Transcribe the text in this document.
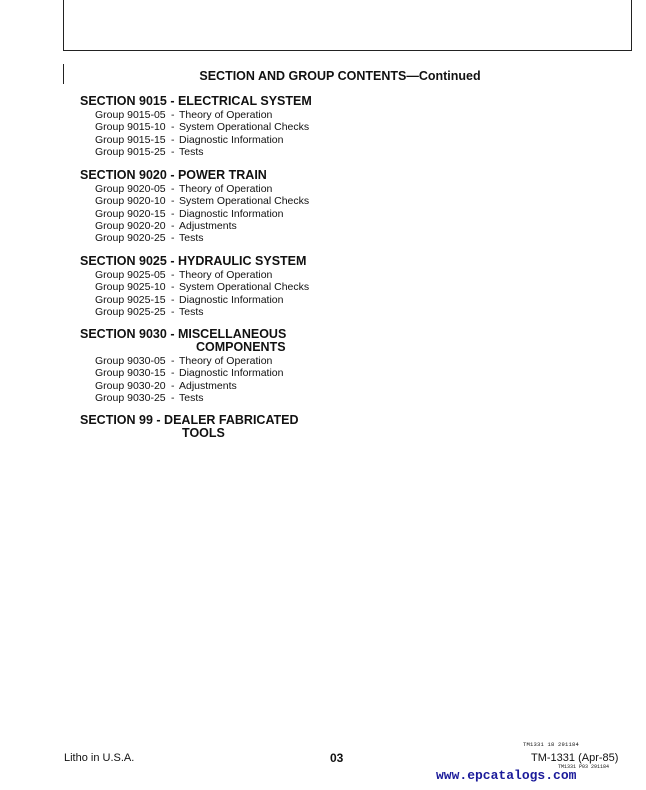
SECTION AND GROUP CONTENTS—Continued
SECTION 9015 - ELECTRICAL SYSTEM
Group 9015-05 - Theory of Operation
Group 9015-10 - System Operational Checks
Group 9015-15 - Diagnostic Information
Group 9015-25 - Tests
SECTION 9020 - POWER TRAIN
Group 9020-05 - Theory of Operation
Group 9020-10 - System Operational Checks
Group 9020-15 - Diagnostic Information
Group 9020-20 - Adjustments
Group 9020-25 - Tests
SECTION 9025 - HYDRAULIC SYSTEM
Group 9025-05 - Theory of Operation
Group 9025-10 - System Operational Checks
Group 9025-15 - Diagnostic Information
Group 9025-25 - Tests
SECTION 9030 - MISCELLANEOUS
COMPONENTS
Group 9030-05 - Theory of Operation
Group 9030-15 - Diagnostic Information
Group 9030-20 - Adjustments
Group 9030-25 - Tests
SECTION 99 - DEALER FABRICATED
TOOLS
TM1331 18 291184
Litho in U.S.A.	03	TM-1331 (Apr-85)
TM1331 P03 291184
www.epcatalogs.com
